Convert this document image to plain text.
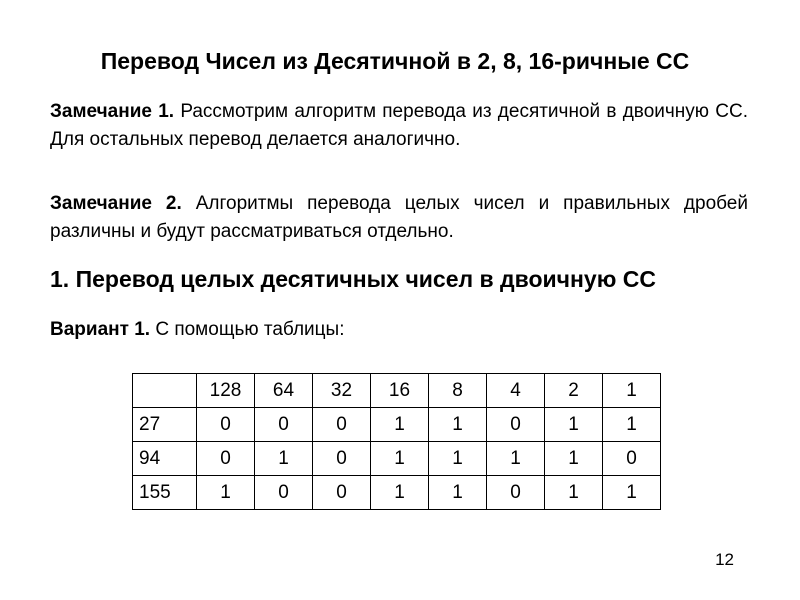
Перевод Чисел из Десятичной в 2, 8, 16-ричные СС
Замечание 1. Рассмотрим алгоритм перевода из десятичной в двоичную СС. Для остальных перевод делается аналогично.
Замечание 2. Алгоритмы перевода целых чисел и правильных дробей различны и будут рассматриваться отдельно.
1. Перевод целых десятичных чисел в двоичную СС
Вариант 1. С помощью таблицы:
	128	64	32	16	8	4	2	1
27	0	0	0	1	1	0	1	1
94	0	1	0	1	1	1	1	0
155	1	0	0	1	1	0	1	1
12
